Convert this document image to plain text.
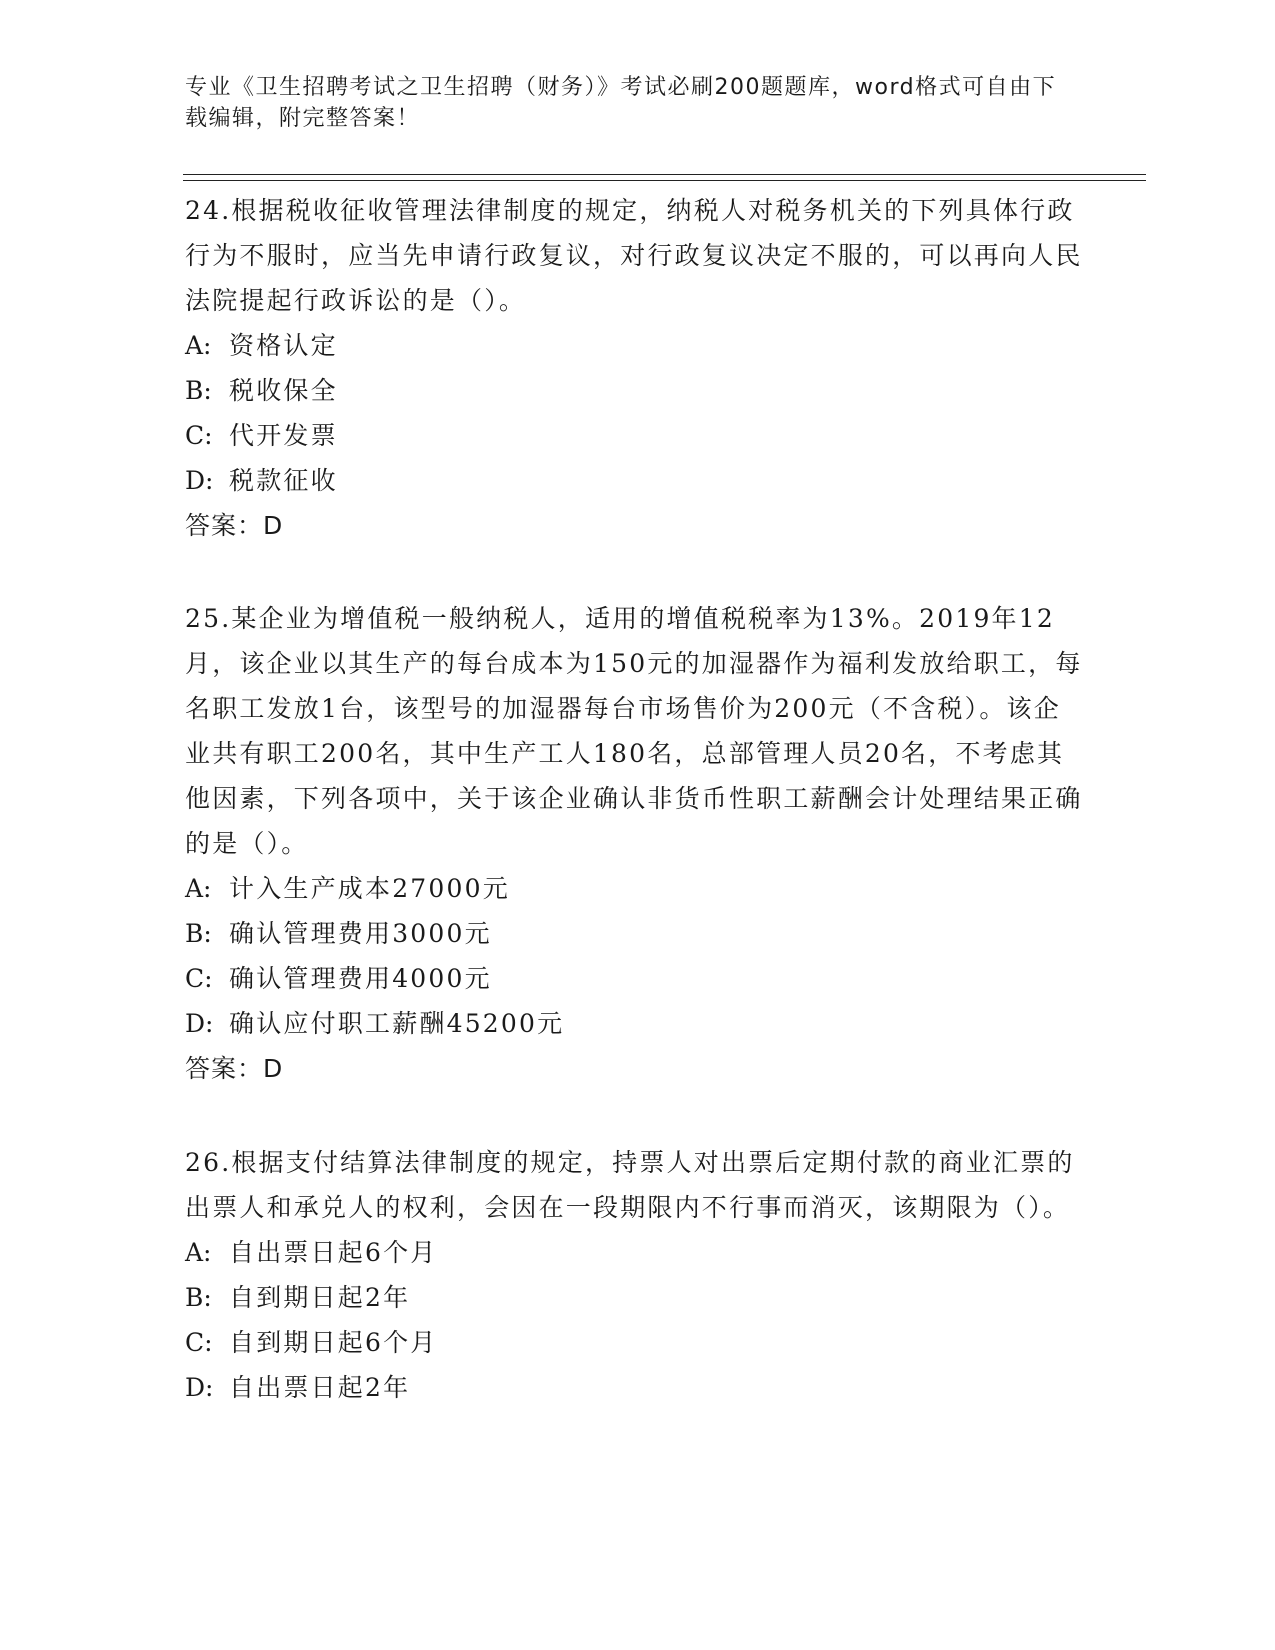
专业《卫生招聘考试之卫生招聘（财务）》考试必刷200题题库，word格式可自由下载编辑，附完整答案！

24.根据税收征收管理法律制度的规定，纳税人对税务机关的下列具体行政行为不服时，应当先申请行政复议，对行政复议决定不服的，可以再向人民法院提起行政诉讼的是（）。

A: 资格认定

B: 税收保全

C: 代开发票

D: 税款征收

答案：D

25.某企业为增值税一般纳税人，适用的增值税税率为13%。2019年12月，该企业以其生产的每台成本为150元的加湿器作为福利发放给职工，每名职工发放1台，该型号的加湿器每台市场售价为200元（不含税）。该企业共有职工200名，其中生产工人180名，总部管理人员20名，不考虑其他因素，下列各项中，关于该企业确认非货币性职工薪酬会计处理结果正确的是（）。

A: 计入生产成本27000元

B: 确认管理费用3000元

C: 确认管理费用4000元

D: 确认应付职工薪酬45200元

答案：D

26.根据支付结算法律制度的规定，持票人对出票后定期付款的商业汇票的出票人和承兑人的权利，会因在一段期限内不行事而消灭，该期限为（）。

A: 自出票日起6个月

B: 自到期日起2年

C: 自到期日起6个月

D: 自出票日起2年
